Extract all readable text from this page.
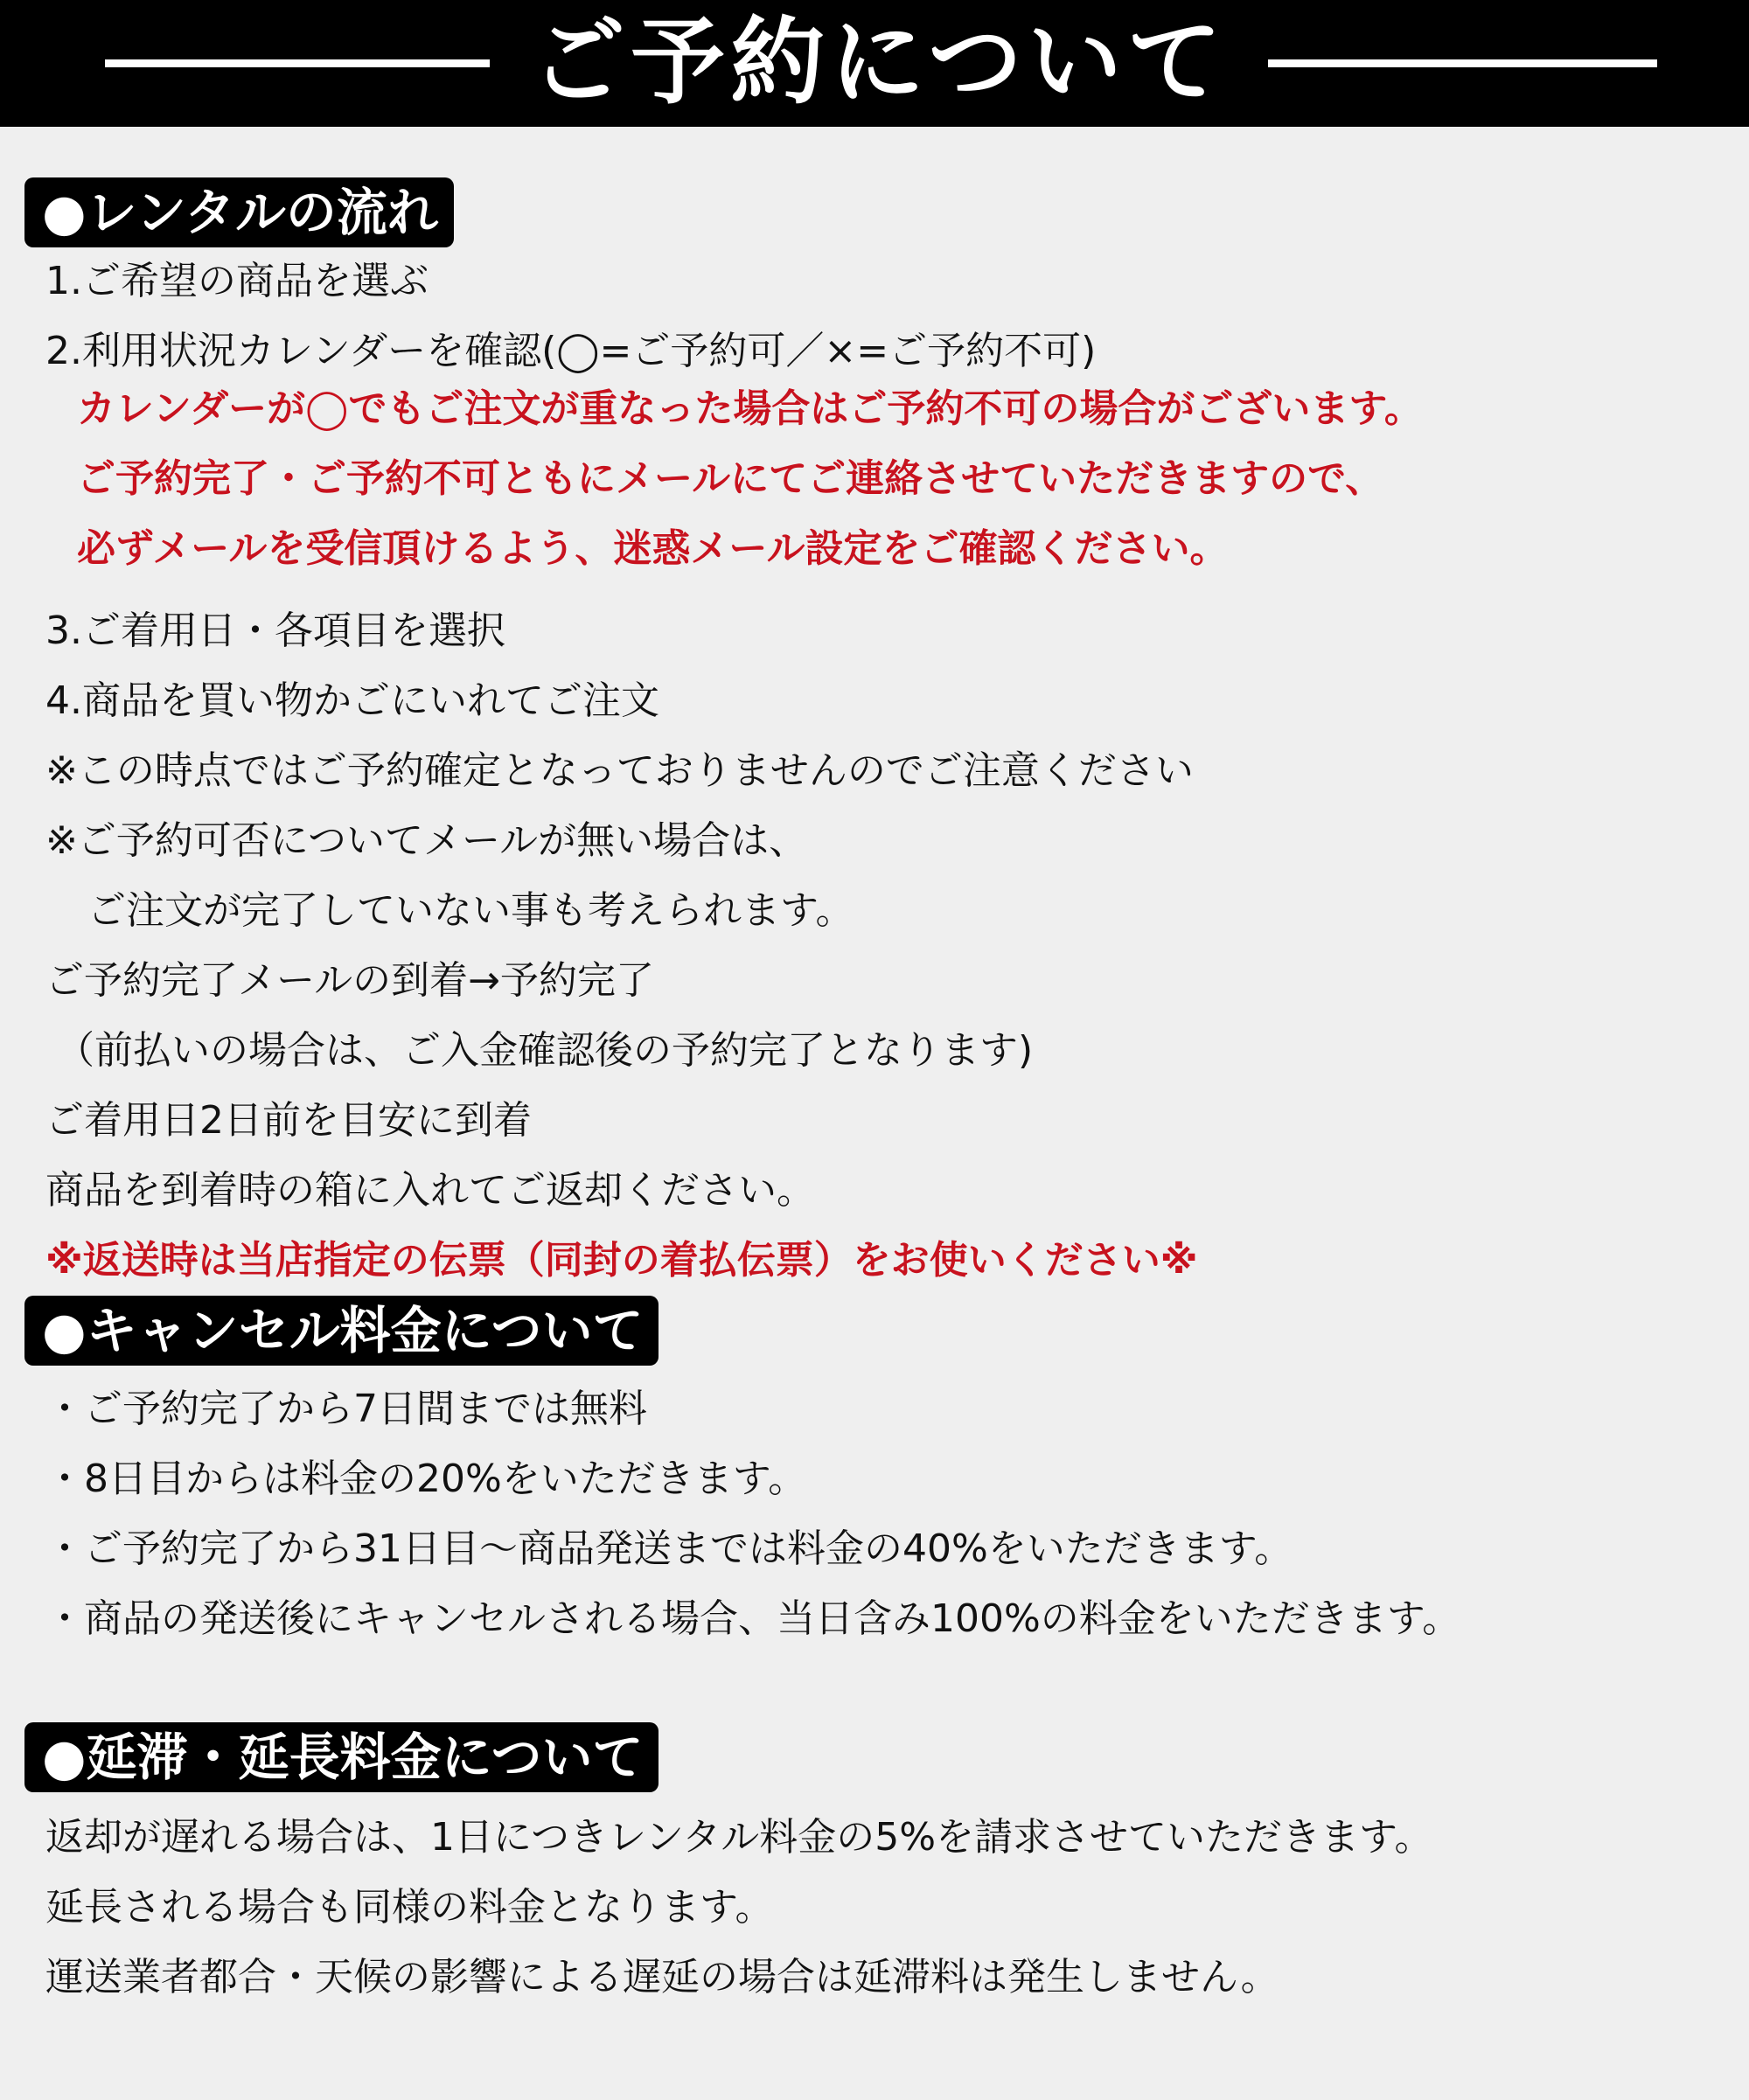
ご予約について
●レンタルの流れ
1.ご希望の商品を選ぶ
2.利用状況カレンダーを確認(◯=ご予約可／×=ご予約不可)
カレンダーが◯でもご注文が重なった場合はご予約不可の場合がございます。
ご予約完了・ご予約不可ともにメールにてご連絡させていただきますので、
必ずメールを受信頂けるよう、迷惑メール設定をご確認ください。
3.ご着用日・各項目を選択
4.商品を買い物かごにいれてご注文
※この時点ではご予約確定となっておりませんのでご注意ください
※ご予約可否についてメールが無い場合は、
ご注文が完了していない事も考えられます。
ご予約完了メールの到着→予約完了
（前払いの場合は、ご入金確認後の予約完了となります)
ご着用日2日前を目安に到着
商品を到着時の箱に入れてご返却ください。
※返送時は当店指定の伝票（同封の着払伝票）をお使いください※
●キャンセル料金について
・ご予約完了から7日間までは無料
・8日目からは料金の20%をいただきます。
・ご予約完了から31日目〜商品発送までは料金の40%をいただきます。
・商品の発送後にキャンセルされる場合、当日含み100%の料金をいただきます。
●延滞・延長料金について
返却が遅れる場合は、1日につきレンタル料金の5%を請求させていただきます。
延長される場合も同様の料金となります。
運送業者都合・天候の影響による遅延の場合は延滞料は発生しません。
